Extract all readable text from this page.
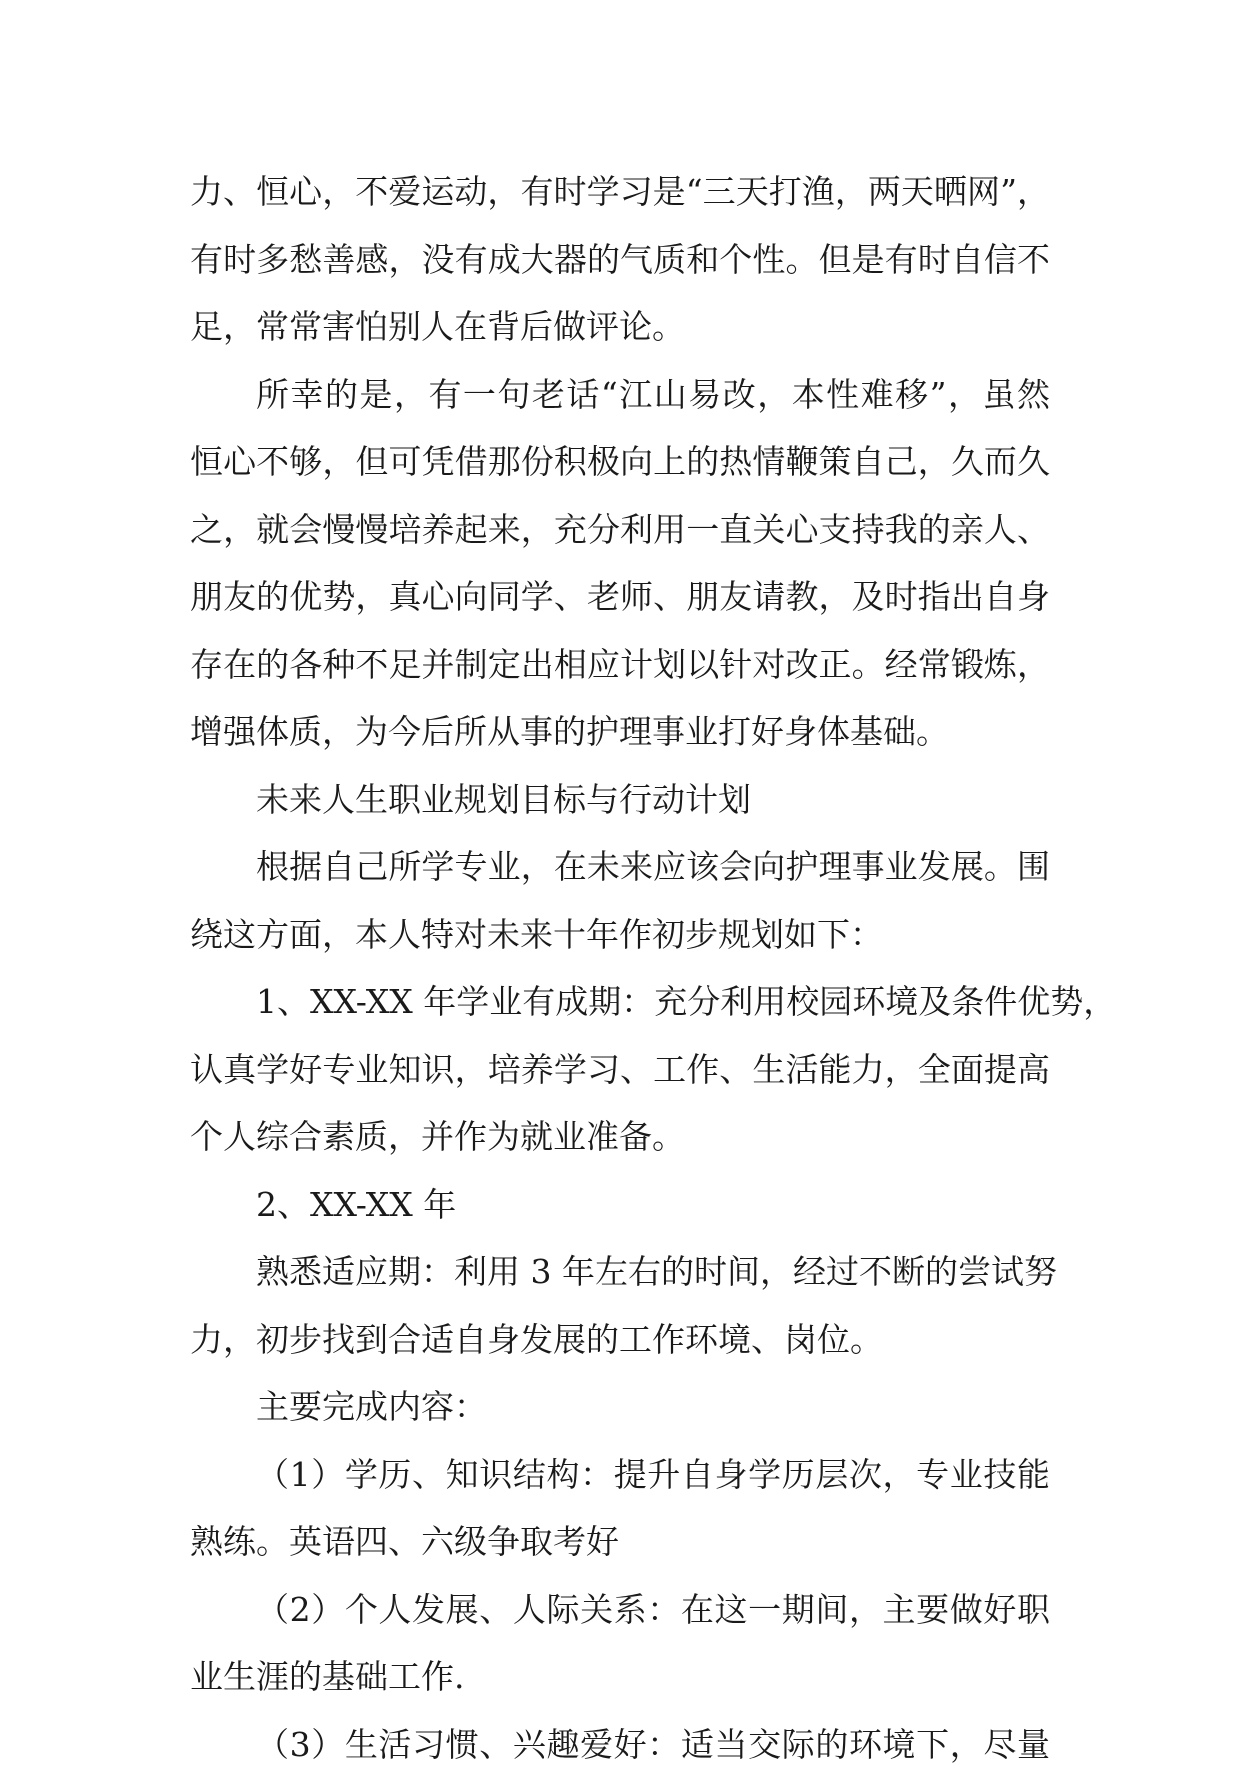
力、恒心，不爱运动，有时学习是“三天打渔，两天晒网”，
有时多愁善感，没有成大器的气质和个性。但是有时自信不
足，常常害怕别人在背后做评论。
所幸的是，有一句老话“江山易改，本性难移”，虽然
恒心不够，但可凭借那份积极向上的热情鞭策自己，久而久
之，就会慢慢培养起来，充分利用一直关心支持我的亲人、
朋友的优势，真心向同学、老师、朋友请教，及时指出自身
存在的各种不足并制定出相应计划以针对改正。经常锻炼，
增强体质，为今后所从事的护理事业打好身体基础。
未来人生职业规划目标与行动计划
根据自己所学专业，在未来应该会向护理事业发展。围
绕这方面，本人特对未来十年作初步规划如下：
1、XX-XX 年学业有成期：充分利用校园环境及条件优势，
认真学好专业知识，培养学习、工作、生活能力，全面提高
个人综合素质，并作为就业准备。
2、XX-XX 年
熟悉适应期：利用 3 年左右的时间，经过不断的尝试努
力，初步找到合适自身发展的工作环境、岗位。
主要完成内容：
（1）学历、知识结构：提升自身学历层次，专业技能
熟练。英语四、六级争取考好
（2）个人发展、人际关系：在这一期间，主要做好职
业生涯的基础工作.
（3）生活习惯、兴趣爱好：适当交际的环境下，尽量
